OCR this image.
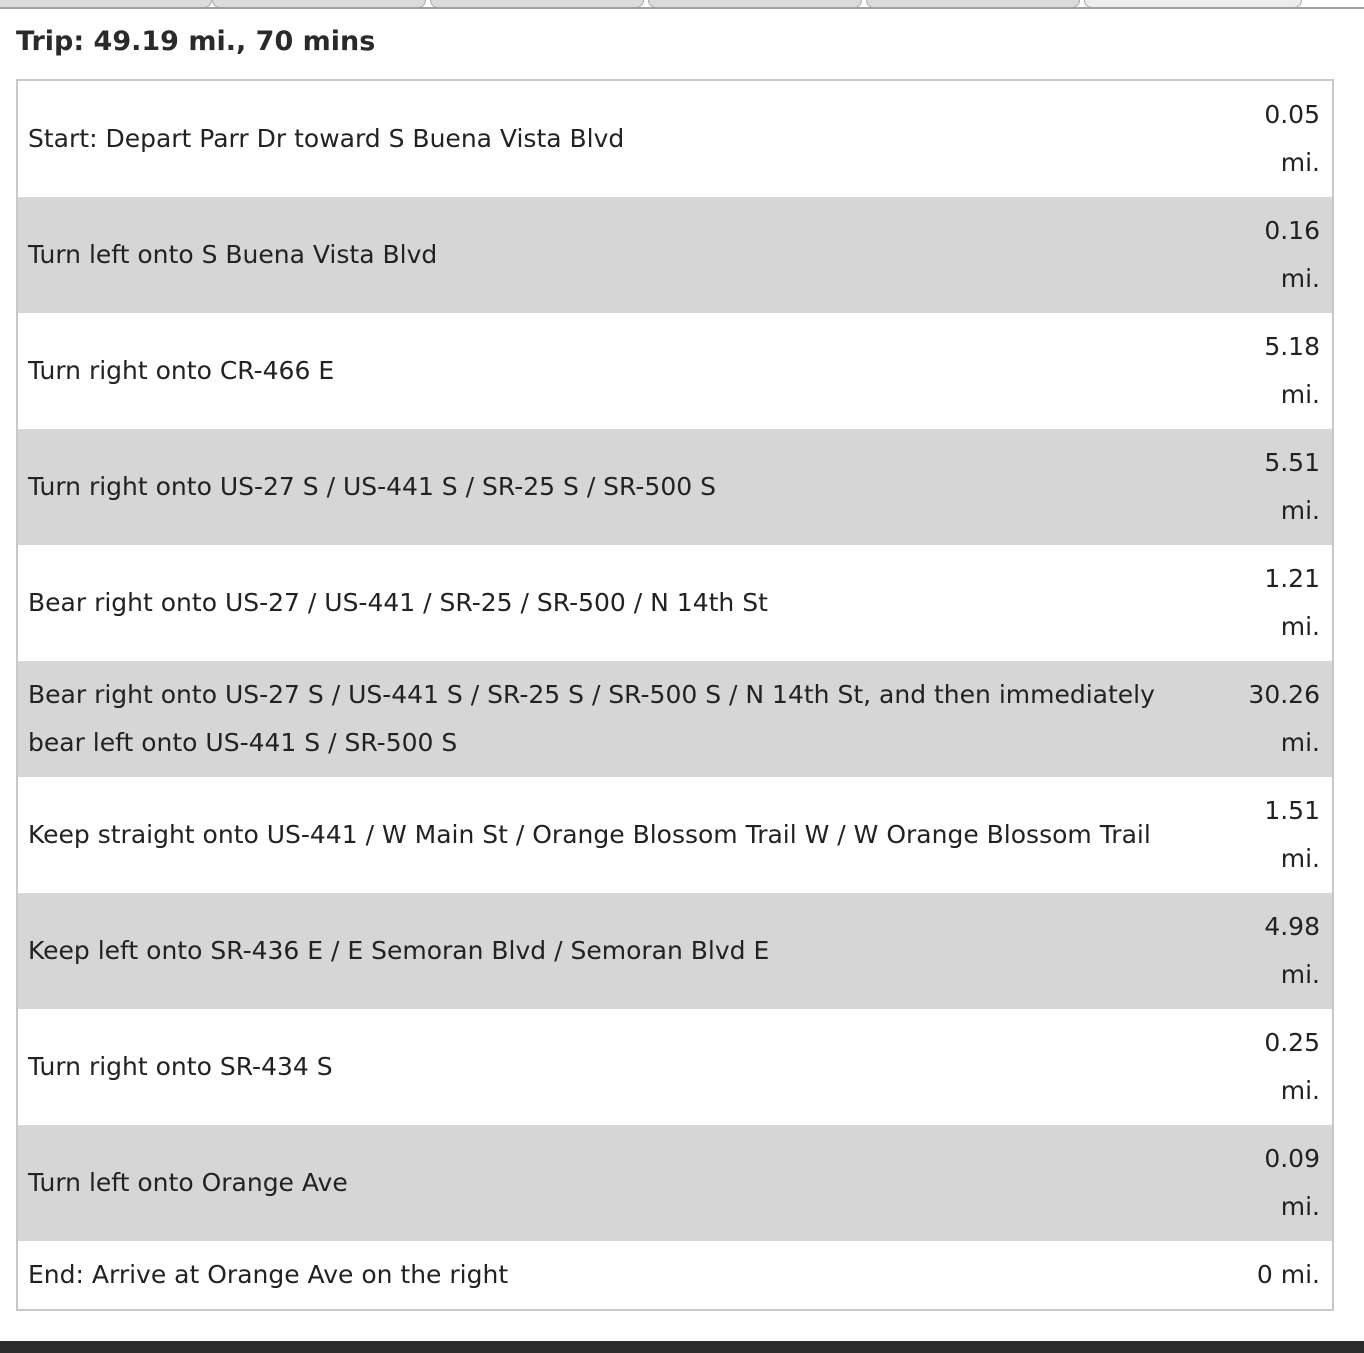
Trip: 49.19 mi., 70 mins
Start: Depart Parr Dr toward S Buena Vista Blvd
0.05 mi.
Turn left onto S Buena Vista Blvd
0.16 mi.
Turn right onto CR-466 E
5.18 mi.
Turn right onto US-27 S / US-441 S / SR-25 S / SR-500 S
5.51 mi.
Bear right onto US-27 / US-441 / SR-25 / SR-500 / N 14th St
1.21 mi.
Bear right onto US-27 S / US-441 S / SR-25 S / SR-500 S / N 14th St, and then immediately bear left onto US-441 S / SR-500 S
30.26 mi.
Keep straight onto US-441 / W Main St / Orange Blossom Trail W / W Orange Blossom Trail
1.51 mi.
Keep left onto SR-436 E / E Semoran Blvd / Semoran Blvd E
4.98 mi.
Turn right onto SR-434 S
0.25 mi.
Turn left onto Orange Ave
0.09 mi.
End: Arrive at Orange Ave on the right	0 mi.
